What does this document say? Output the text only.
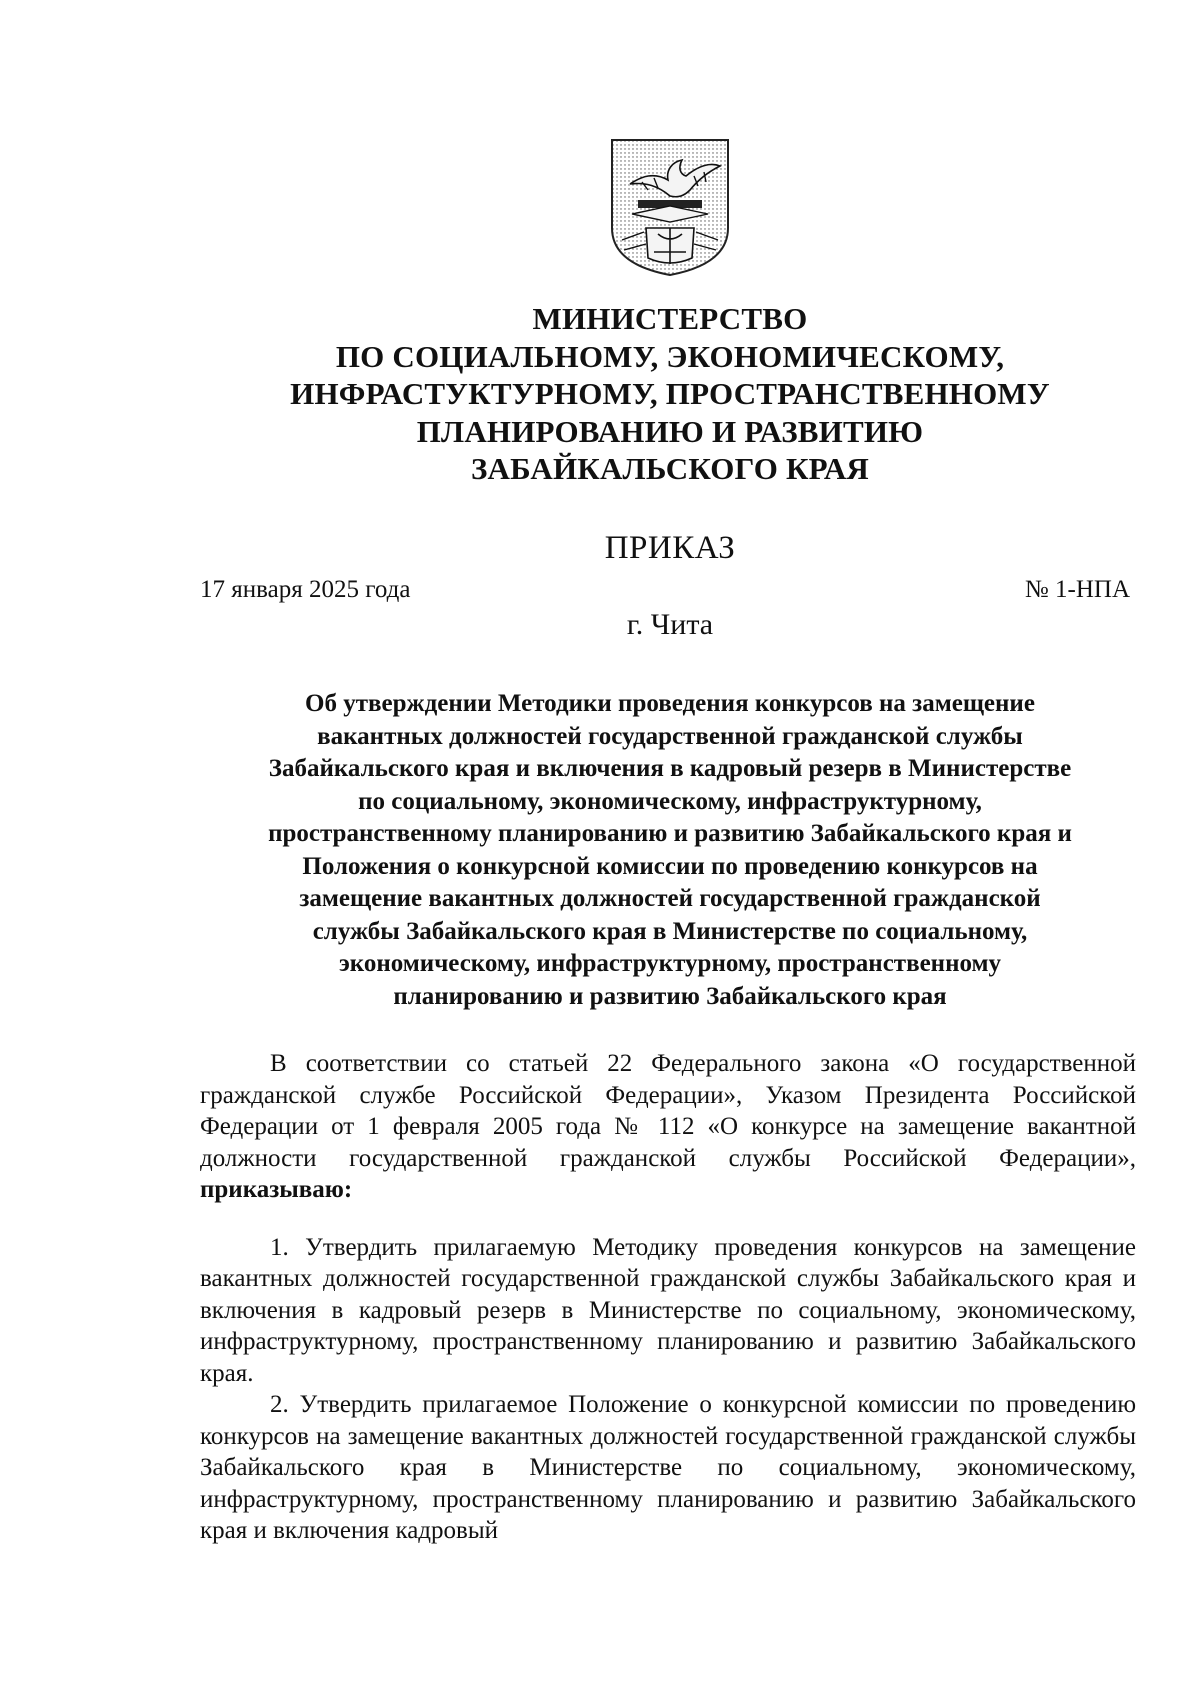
МИНИСТЕРСТВО
ПО СОЦИАЛЬНОМУ, ЭКОНОМИЧЕСКОМУ,
ИНФРАСТУКТУРНОМУ, ПРОСТРАНСТВЕННОМУ
ПЛАНИРОВАНИЮ И РАЗВИТИЮ
ЗАБАЙКАЛЬСКОГО КРАЯ
ПРИКАЗ
17 января 2025 года	№ 1-НПА
г. Чита
Об утверждении Методики проведения конкурсов на замещение
вакантных должностей государственной гражданской службы
Забайкальского края и включения в кадровый резерв в Министерстве
по социальному, экономическому, инфраструктурному,
пространственному планированию и развитию Забайкальского края и
Положения о конкурсной комиссии по проведению конкурсов на
замещение вакантных должностей государственной гражданской
службы Забайкальского края в Министерстве по социальному,
экономическому, инфраструктурному, пространственному
планированию и развитию Забайкальского края

В соответствии со статьей 22 Федерального закона «О государственной гражданской службе Российской Федерации», Указом Президента Российской Федерации от 1 февраля 2005 года № 112 «О конкурсе на замещение вакантной должности государственной гражданской службы Российской Федерации», приказываю:

1. Утвердить прилагаемую Методику проведения конкурсов на замещение вакантных должностей государственной гражданской службы Забайкальского края и включения в кадровый резерв в Министерстве по социальному, экономическому, инфраструктурному, пространственному планированию и развитию Забайкальского края.

2. Утвердить прилагаемое Положение о конкурсной комиссии по проведению конкурсов на замещение вакантных должностей государственной гражданской службы Забайкальского края в Министерстве по социальному, экономическому, инфраструктурному, пространственному планированию и развитию Забайкальского края и включения кадровый
